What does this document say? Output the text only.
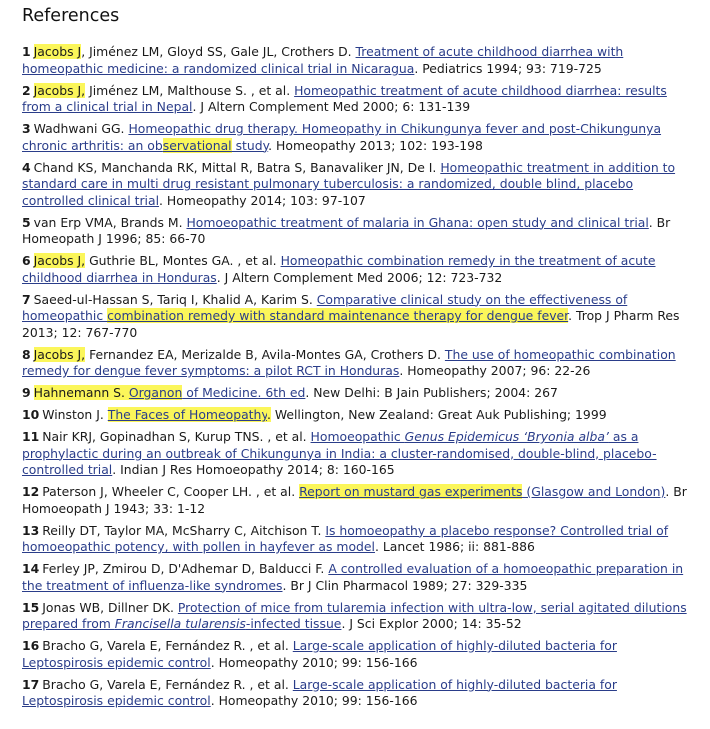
References
1 Jacobs J, Jiménez LM, Gloyd SS, Gale JL, Crothers D. Treatment of acute childhood diarrhea with homeopathic medicine: a randomized clinical trial in Nicaragua. Pediatrics 1994; 93: 719-725
2 Jacobs J, Jiménez LM, Malthouse S. , et al. Homeopathic treatment of acute childhood diarrhea: results from a clinical trial in Nepal. J Altern Complement Med 2000; 6: 131-139
3 Wadhwani GG. Homeopathic drug therapy. Homeopathy in Chikungunya fever and post-Chikungunya chronic arthritis: an observational study. Homeopathy 2013; 102: 193-198
4 Chand KS, Manchanda RK, Mittal R, Batra S, Banavaliker JN, De I. Homeopathic treatment in addition to standard care in multi drug resistant pulmonary tuberculosis: a randomized, double blind, placebo controlled clinical trial. Homeopathy 2014; 103: 97-107
5 van Erp VMA, Brands M. Homoeopathic treatment of malaria in Ghana: open study and clinical trial. Br Homeopath J 1996; 85: 66-70
6 Jacobs J, Guthrie BL, Montes GA. , et al. Homeopathic combination remedy in the treatment of acute childhood diarrhea in Honduras. J Altern Complement Med 2006; 12: 723-732
7 Saeed-ul-Hassan S, Tariq I, Khalid A, Karim S. Comparative clinical study on the effectiveness of homeopathic combination remedy with standard maintenance therapy for dengue fever. Trop J Pharm Res 2013; 12: 767-770
8 Jacobs J, Fernandez EA, Merizalde B, Avila-Montes GA, Crothers D. The use of homeopathic combination remedy for dengue fever symptoms: a pilot RCT in Honduras. Homeopathy 2007; 96: 22-26
9 Hahnemann S. Organon of Medicine. 6th ed. New Delhi: B Jain Publishers; 2004: 267
10 Winston J. The Faces of Homeopathy. Wellington, New Zealand: Great Auk Publishing; 1999
11 Nair KRJ, Gopinadhan S, Kurup TNS. , et al. Homoeopathic Genus Epidemicus ‘Bryonia alba’ as a prophylactic during an outbreak of Chikungunya in India: a cluster-randomised, double-blind, placebo-controlled trial. Indian J Res Homoeopathy 2014; 8: 160-165
12 Paterson J, Wheeler C, Cooper LH. , et al. Report on mustard gas experiments (Glasgow and London). Br Homoeopath J 1943; 33: 1-12
13 Reilly DT, Taylor MA, McSharry C, Aitchison T. Is homoeopathy a placebo response? Controlled trial of homoeopathic potency, with pollen in hayfever as model. Lancet 1986; ii: 881-886
14 Ferley JP, Zmirou D, D'Adhemar D, Balducci F. A controlled evaluation of a homoeopathic preparation in the treatment of influenza-like syndromes. Br J Clin Pharmacol 1989; 27: 329-335
15 Jonas WB, Dillner DK. Protection of mice from tularemia infection with ultra-low, serial agitated dilutions prepared from Francisella tularensis-infected tissue. J Sci Explor 2000; 14: 35-52
16 Bracho G, Varela E, Fernández R. , et al. Large-scale application of highly-diluted bacteria for Leptospirosis epidemic control. Homeopathy 2010; 99: 156-166
17 Bracho G, Varela E, Fernández R. , et al. Large-scale application of highly-diluted bacteria for Leptospirosis epidemic control. Homeopathy 2010; 99: 156-166
